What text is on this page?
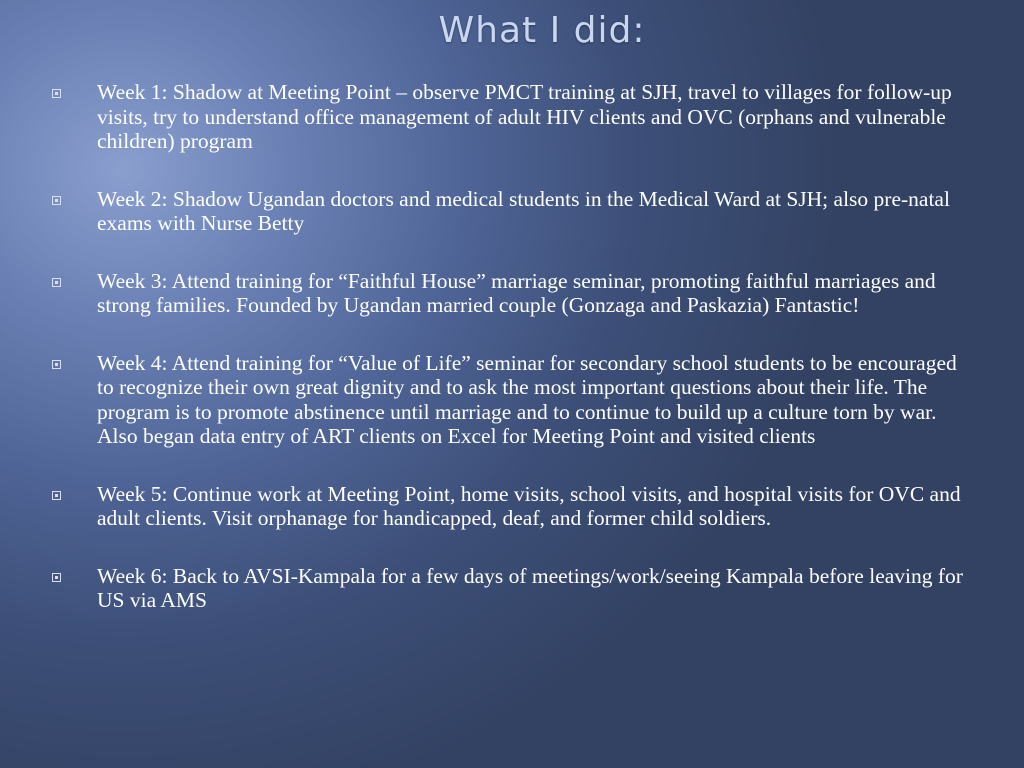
What I did:
Week 1: Shadow at Meeting Point – observe PMCT training at SJH, travel to villages for follow-up visits, try to understand office management of adult HIV clients and OVC (orphans and vulnerable children) program
Week 2: Shadow Ugandan doctors and medical students in the Medical Ward at SJH; also pre-natal exams with Nurse Betty
Week 3: Attend training for “Faithful House” marriage seminar, promoting faithful marriages and strong families. Founded by Ugandan married couple (Gonzaga and Paskazia) Fantastic!
Week 4: Attend training for “Value of Life” seminar for secondary school students to be encouraged to recognize their own great dignity and to ask the most important questions about their life. The program is to promote abstinence until marriage and to continue to build up a culture torn by war. Also began data entry of ART clients on Excel for Meeting Point and visited clients
Week 5: Continue work at Meeting Point, home visits, school visits, and hospital visits for OVC and adult clients. Visit orphanage for handicapped, deaf, and former child soldiers.
Week 6: Back to AVSI-Kampala for a few days of meetings/work/seeing Kampala before leaving for US via AMS
